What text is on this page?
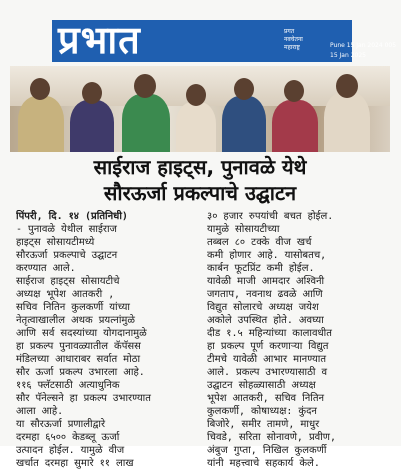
प्रभात	प्रगत
नवचेतना
महाराष्ट्र	Pune 15 Jan 2024 005
15 Jan 2025
साईराज हाइट्स, पुनावळे येथे
सौरऊर्जा प्रकल्पाचे उद्घाटन
पिंपरी, दि. १४ (प्रतिनिधी)
- पुनावळे येथील साईराज
हाइट्स सोसायटीमध्ये
सौरऊर्जा प्रकल्पाचे उद्घाटन
करण्यात आले.
साईराज हाइट्स सोसायटीचे
अध्यक्ष भूपेश आतकरी ,
सचिव नितिन कुलकर्णी यांच्या
नेतृत्वाखालील अथक प्रयत्नांमुळे
आणि सर्व सदस्यांच्या योगदानामुळे
हा प्रकल्प पुनावळ्यातील कॅपॅसस
मंडिलच्या आधाराबर सर्वात मोठा
सौर ऊर्जा प्रकल्प उभारला आहे.
११६ फ्लॅटसाठी अत्याधुनिक
सौर पॅनेल्सने हा प्रकल्प उभारण्यात
आला आहे.
या सौरऊर्जा प्रणालीद्वारे
दरमहा ६५०० केडब्लू ऊर्जा
उत्पादन होईल. यामुळे वीज
खर्चात दरमहा सुमारे ११ लाख
३० हजार रुपयांची बचत होईल.
यामुळे सोसायटीच्या
तब्बल ८० टक्के वीज खर्च
कमी होणार आहे. यासोबतच,
कार्बन फूटप्रिंट कमी होईल.
यावेळी माजी आमदार अश्विनी
जगताप, नवनाथ ढवळे आणि
विद्युत सोलारचे अध्यक्ष जयेश
अकोले उपस्थित होते. अवघ्या
दीड १.५ महिन्यांच्या कालावधीत
हा प्रकल्प पूर्ण करणाऱ्या विद्युत
टीमचे यावेळी आभार मानण्यात
आले. प्रकल्प उभारण्यासाठी व
उद्घाटन सोहळ्यासाठी अध्यक्ष
भूपेश आतकरी, सचिव नितिन
कुलकर्णी, कोषाध्यक्ष: कुंदन
बिजोरे, समीर तामणे, माधुर
चिवडे, सरिता सोनावणे, प्रवीण,
अंबुज गुप्ता, निखिल कुलकर्णी
यांनी महत्त्वाचे सहकार्य केले.
